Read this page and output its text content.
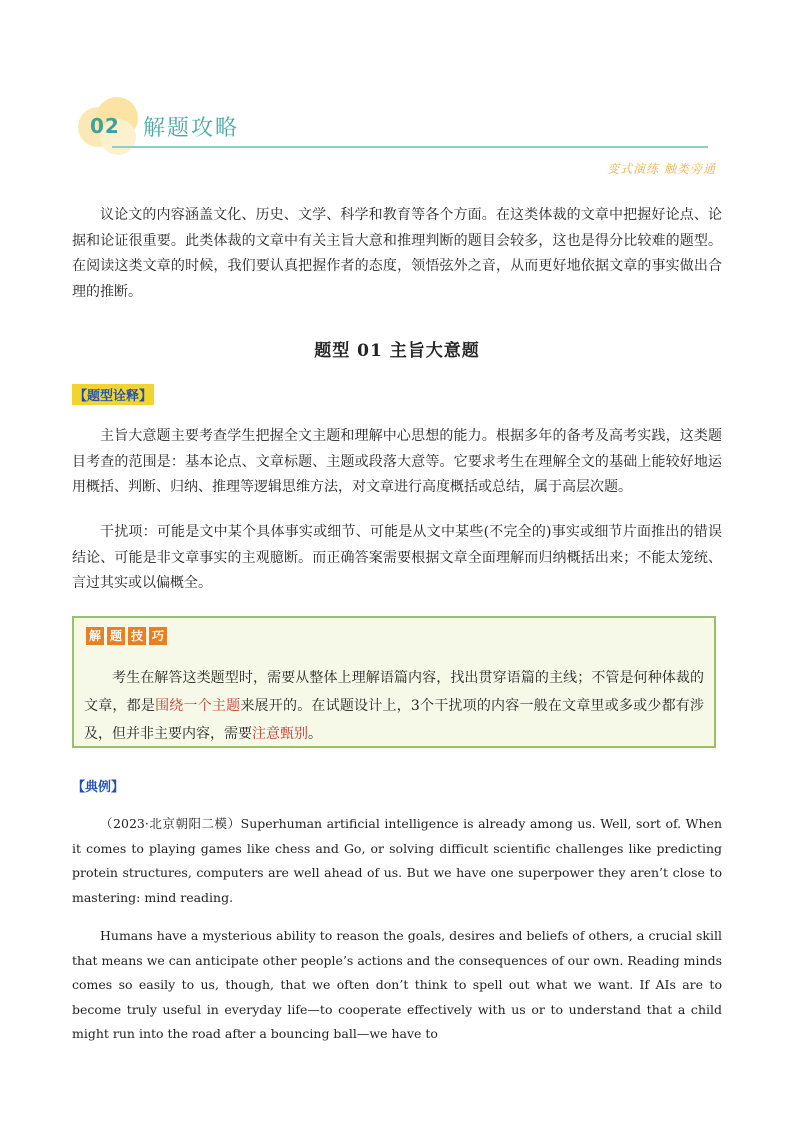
02 解题攻略
变式演练 触类旁通
议论文的内容涵盖文化、历史、文学、科学和教育等各个方面。在这类体裁的文章中把握好论点、论据和论证很重要。此类体裁的文章中有关主旨大意和推理判断的题目会较多，这也是得分比较难的题型。在阅读这类文章的时候，我们要认真把握作者的态度，领悟弦外之音，从而更好地依据文章的事实做出合理的推断。
题型 01 主旨大意题
【题型诠释】
主旨大意题主要考查学生把握全文主题和理解中心思想的能力。根据多年的备考及高考实践，这类题目考查的范围是：基本论点、文章标题、主题或段落大意等。它要求考生在理解全文的基础上能较好地运用概括、判断、归纳、推理等逻辑思维方法，对文章进行高度概括或总结，属于高层次题。
干扰项：可能是文中某个具体事实或细节、可能是从文中某些(不完全的)事实或细节片面推出的错误结论、可能是非文章事实的主观臆断。而正确答案需要根据文章全面理解而归纳概括出来；不能太笼统、言过其实或以偏概全。
解 题 技 巧
考生在解答这类题型时，需要从整体上理解语篇内容，找出贯穿语篇的主线；不管是何种体裁的文章，都是围绕一个主题来展开的。在试题设计上，3个干扰项的内容一般在文章里或多或少都有涉及，但并非主要内容，需要注意甄别。
【典例】
（2023·北京朝阳二模）Superhuman artificial intelligence is already among us. Well, sort of. When it comes to playing games like chess and Go, or solving difficult scientific challenges like predicting protein structures, computers are well ahead of us. But we have one superpower they aren’t close to mastering: mind reading.
Humans have a mysterious ability to reason the goals, desires and beliefs of others, a crucial skill that means we can anticipate other people’s actions and the consequences of our own. Reading minds comes so easily to us, though, that we often don’t think to spell out what we want. If AIs are to become truly useful in everyday life—to cooperate effectively with us or to understand that a child might run into the road after a bouncing ball—we have to
